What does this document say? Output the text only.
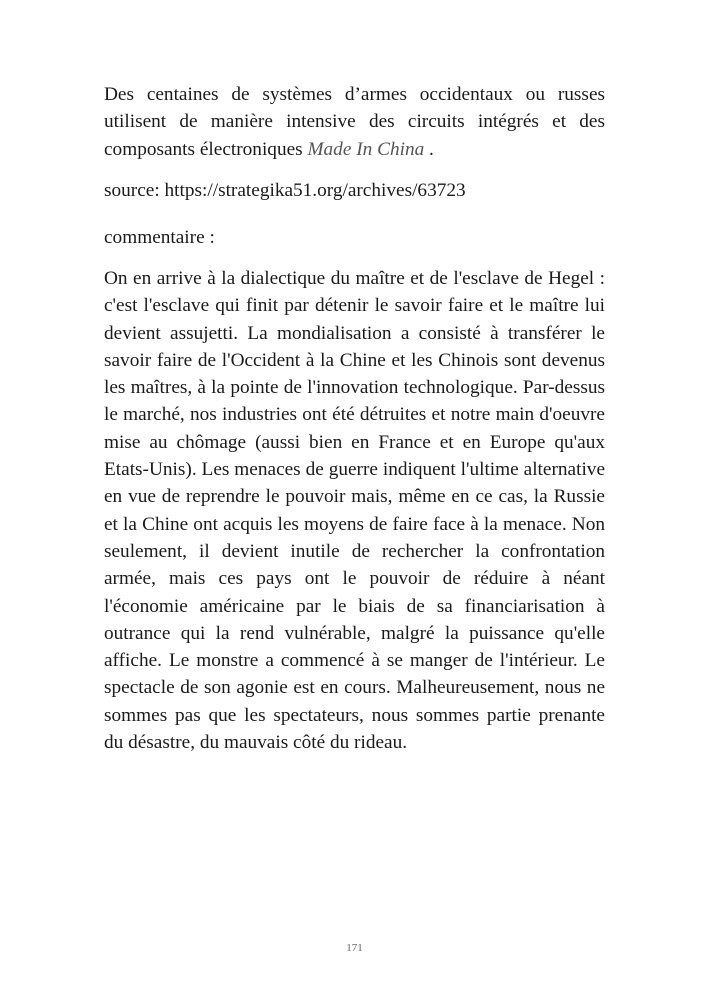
Des centaines de systèmes d’armes occidentaux ou russes utilisent de manière intensive des circuits intégrés et des composants électroniques Made In China .

source: https://strategika51.org/archives/63723

commentaire :

On en arrive à la dialectique du maître et de l'esclave de Hegel : c'est l'esclave qui finit par détenir le savoir faire et le maître lui devient assujetti. La mondialisation a consisté à transférer le savoir faire de l'Occident à la Chine et les Chinois sont devenus les maîtres, à la pointe de l'innovation technologique. Par-dessus le marché, nos industries ont été détruites et notre main d'oeuvre mise au chômage (aussi bien en France et en Europe qu'aux Etats-Unis). Les menaces de guerre indiquent l'ultime alternative en vue de reprendre le pouvoir mais, même en ce cas, la Russie et la Chine ont acquis les moyens de faire face à la menace. Non seulement, il devient inutile de rechercher la confrontation armée, mais ces pays ont le pouvoir de réduire à néant l'économie américaine par le biais de sa financiarisation à outrance qui la rend vulnérable, malgré la puissance qu'elle affiche. Le monstre a commencé à se manger de l'intérieur. Le spectacle de son agonie est en cours. Malheureusement, nous ne sommes pas que les spectateurs, nous sommes partie prenante du désastre, du mauvais côté du rideau.

171
